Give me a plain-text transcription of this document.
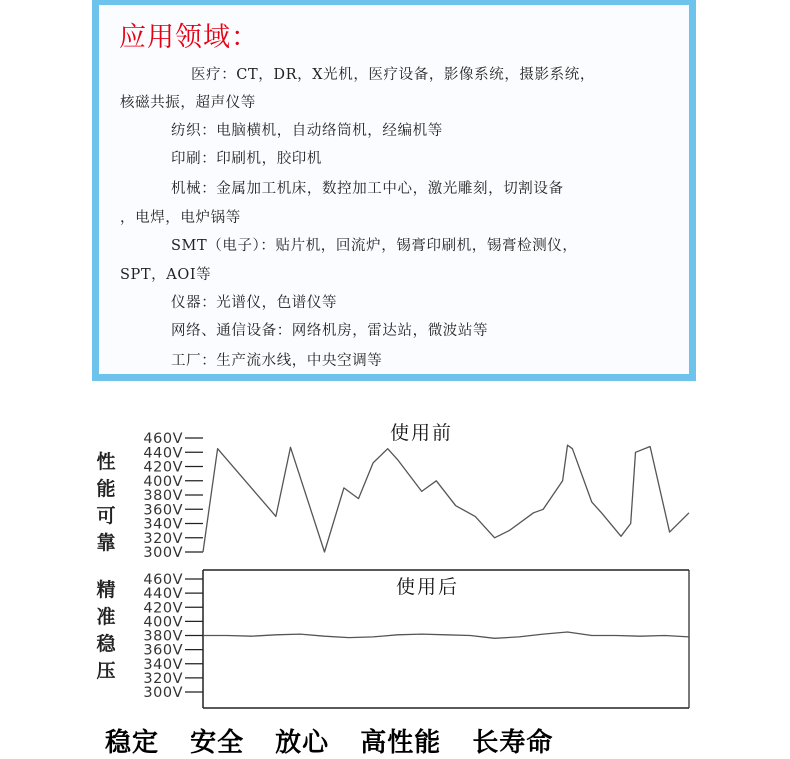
应用领域：
医疗：CT，DR，X光机，医疗设备，影像系统，摄影系统，
核磁共振，超声仪等
纺织：电脑横机，自动络筒机，经编机等
印刷：印刷机，胶印机
机械：金属加工机床，数控加工中心，激光雕刻，切割设备
，电焊，电炉锅等
SMT（电子）：贴片机，回流炉，锡膏印刷机，锡膏检测仪，
SPT，AOI等
仪器：光谱仪，色谱仪等
网络、通信设备：网络机房，雷达站，微波站等
工厂：生产流水线，中央空调等
460V
440V
420V
400V
380V
360V
340V
320V
300V
性
能
可
靠
使用前
460V
440V
420V
400V
380V
360V
340V
320V
300V
精
准
稳
压
使用后
稳定 安全 放心 高性能 长寿命
